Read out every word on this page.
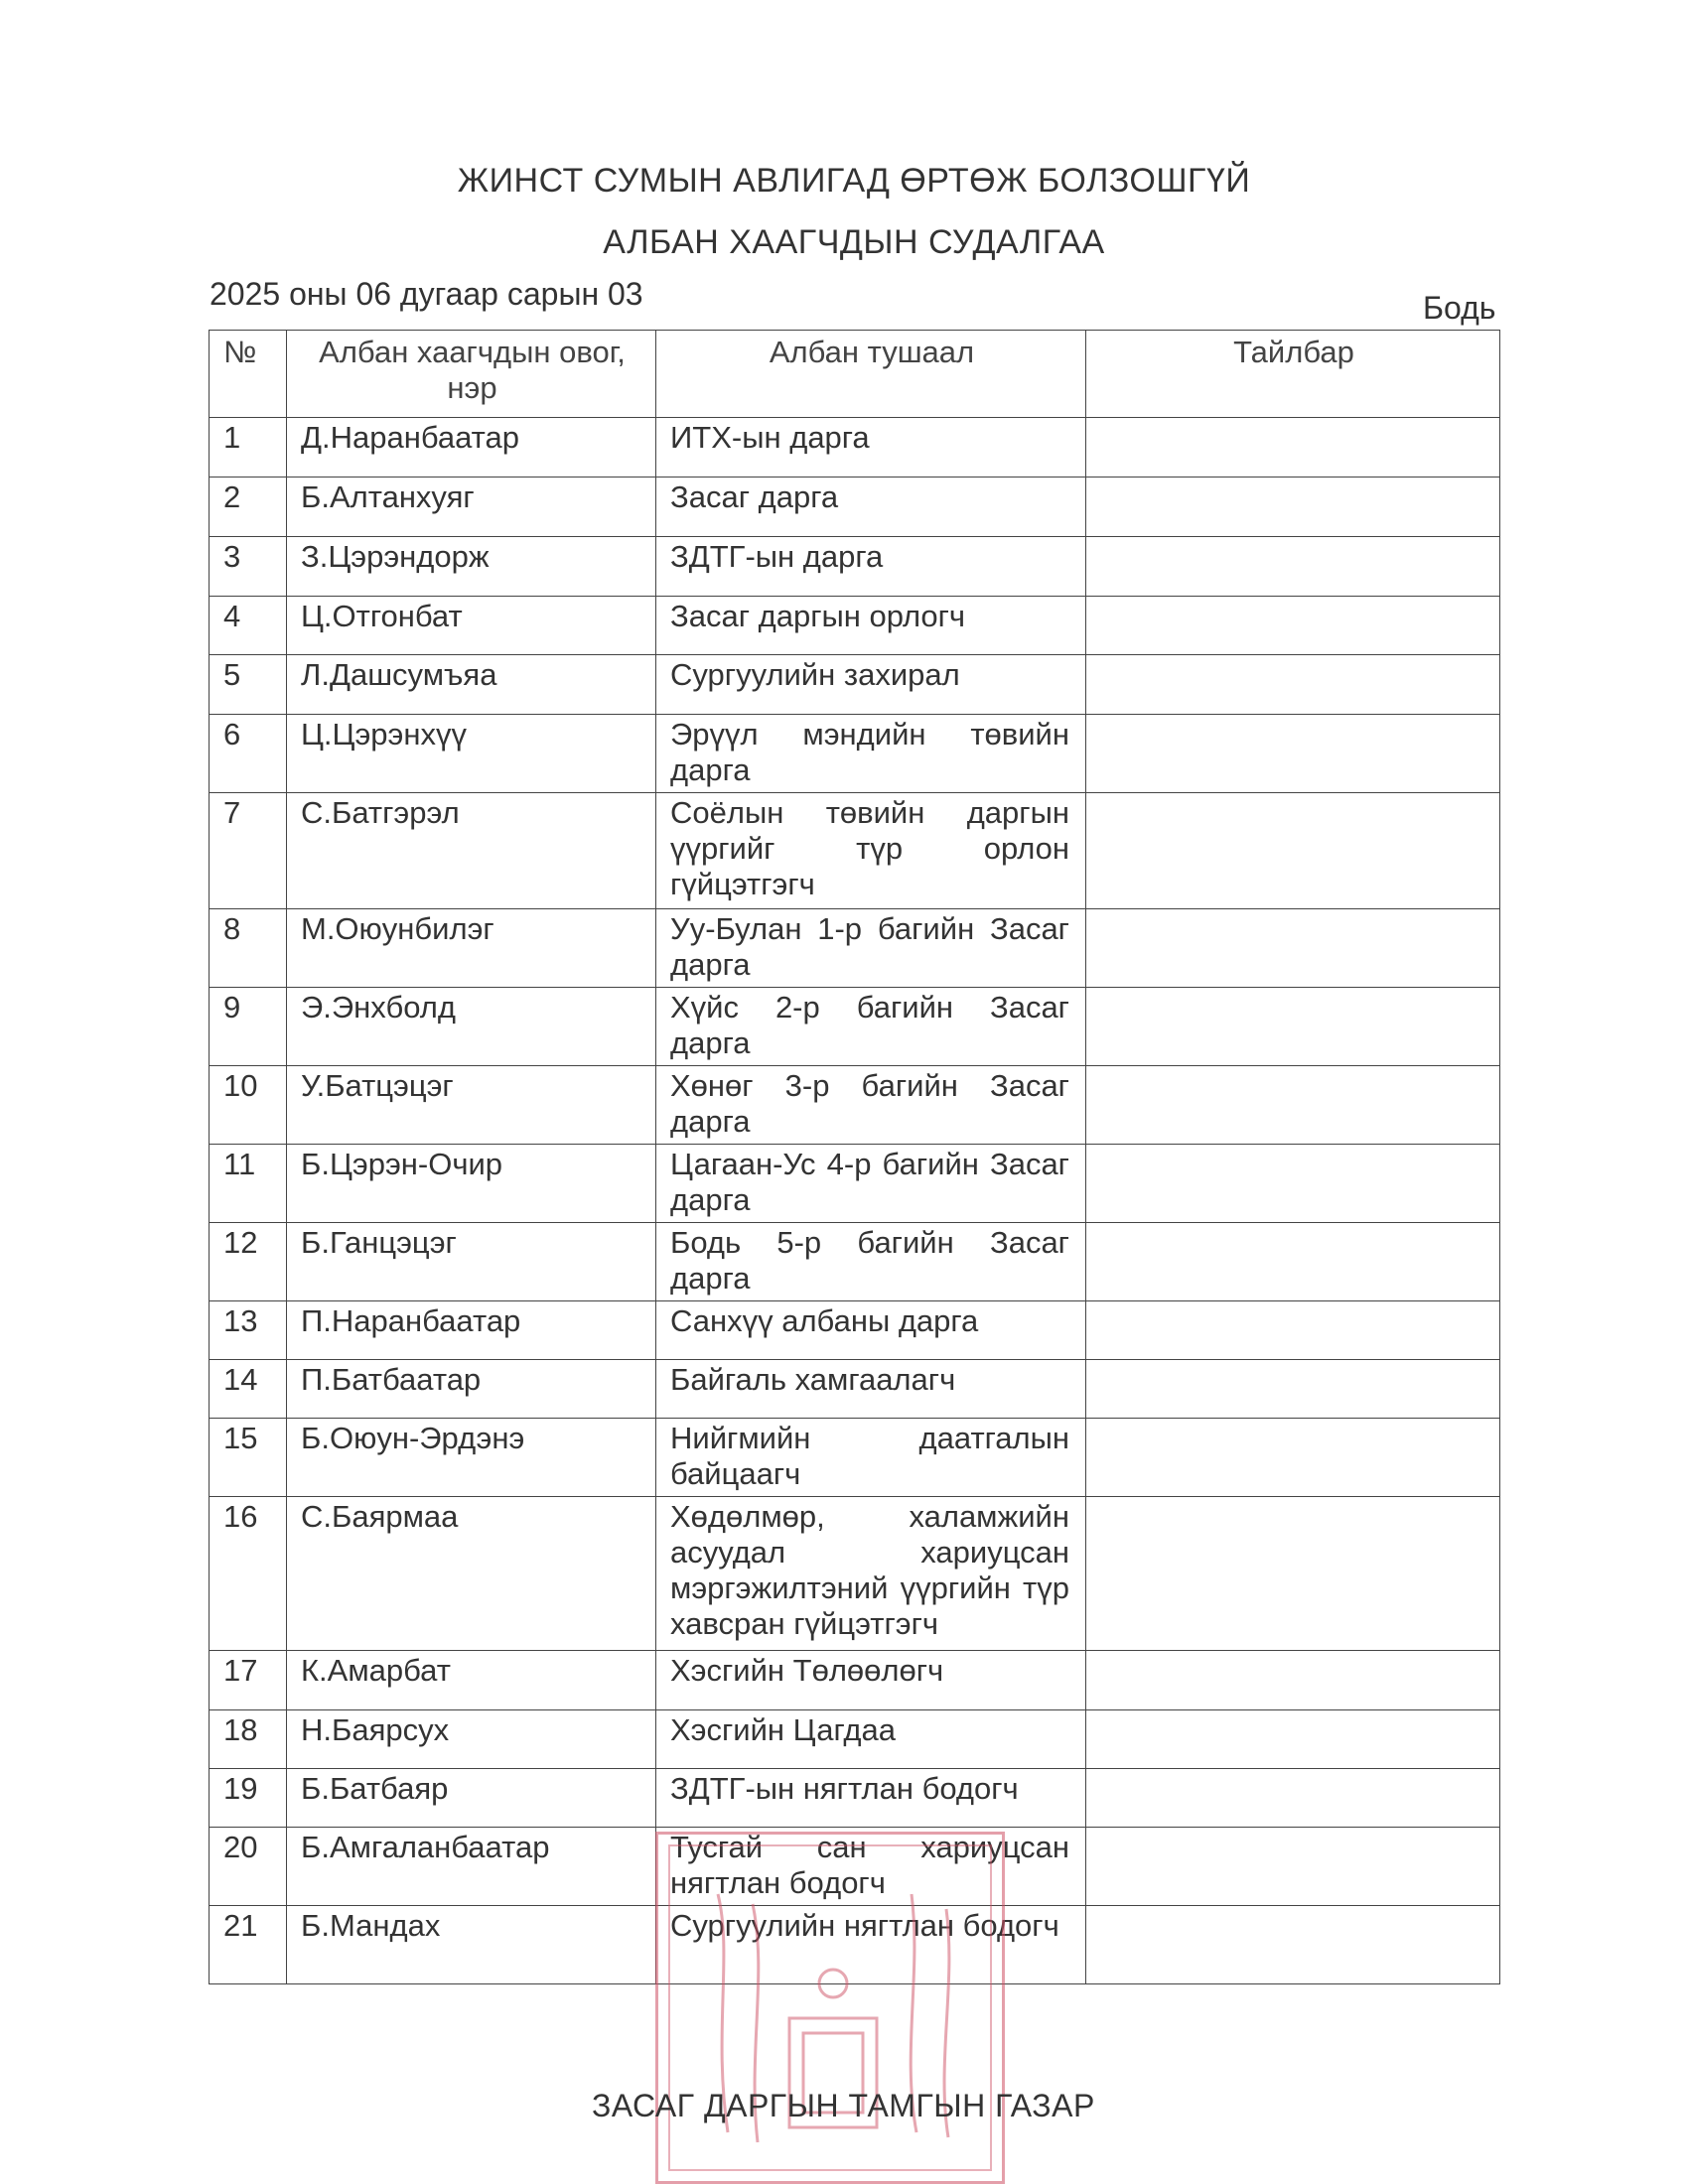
ЖИНСТ СУМЫН АВЛИГАД ӨРТӨЖ БОЛЗОШГҮЙ
АЛБАН ХААГЧДЫН СУДАЛГАА
2025 оны 06 дугаар сарын 03	Бодь
№	Албан хаагчдын овог, нэр	Албан тушаал	Тайлбар
1	Д.Наранбаатар	ИТХ-ын дарга	
2	Б.Алтанхуяг	Засаг дарга	
3	З.Цэрэндорж	ЗДТГ-ын дарга	
4	Ц.Отгонбат	Засаг даргын орлогч	
5	Л.Дашсумъяа	Сургуулийн захирал	
6	Ц.Цэрэнхүү	Эрүүл мэндийн төвийн дарга	
7	С.Батгэрэл	Соёлын төвийн даргын үүргийг түр орлон гүйцэтгэгч	
8	М.Оюунбилэг	Уу-Булан 1-р багийн Засаг дарга	
9	Э.Энхболд	Хүйс 2-р багийн Засаг дарга	
10	У.Батцэцэг	Хөнөг 3-р багийн Засаг дарга	
11	Б.Цэрэн-Очир	Цагаан-Ус 4-р багийн Засаг дарга	
12	Б.Ганцэцэг	Бодь 5-р багийн Засаг дарга	
13	П.Наранбаатар	Санхүү албаны дарга	
14	П.Батбаатар	Байгаль хамгаалагч	
15	Б.Оюун-Эрдэнэ	Нийгмийн даатгалын байцаагч	
16	С.Баярмаа	Хөдөлмөр, халамжийн асуудал хариуцсан мэргэжилтэний үүргийн түр хавсран гүйцэтгэгч	
17	К.Амарбат	Хэсгийн Төлөөлөгч	
18	Н.Баярсух	Хэсгийн Цагдаа	
19	Б.Батбаяр	ЗДТГ-ын нягтлан бодогч	
20	Б.Амгаланбаатар	Тусгай сан хариуцсан нягтлан бодогч	
21	Б.Мандах	Сургуулийн нягтлан бодогч	
ЗАСАГ ДАРГЫН ТАМГЫН ГАЗАР
